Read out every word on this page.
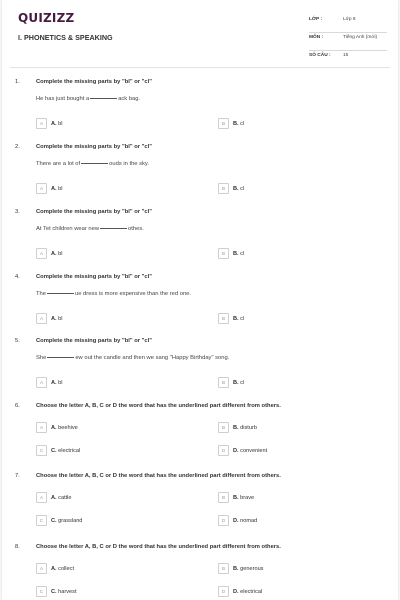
QUIZIZZ
I. PHONETICS & SPEAKING
LỚP :	Lớp 8
MÔN :	Tiếng Anh (mới)
SỐ CÂU :	15
1.	Complete the missing parts by "bl" or "cl"
He has just bought a	ack bag.
A	A. bl	B	B. cl
2.	Complete the missing parts by "bl" or "cl"
There are a lot of	ouds in the sky.
A	A. bl	B	B. cl
3.	Complete the missing parts by "bl" or "cl"
At Tet children wear new	othes.
A	A. bl	B	B. cl
4.	Complete the missing parts by "bl" or "cl"
The	ue dress is more expensive than the red one.
A	A. bl	B	B. cl
5.	Complete the missing parts by "bl" or "cl"
She	ew out the candle and then we sang "Happy Birthday" song.
A	A. bl	B	B. cl
6.	Choose the letter A, B, C or D the word that has the underlined part different from others.
A	A. beehive	B	B. disturb
C	C. electrical	D	D. convenient
7.	Choose the letter A, B, C or D the word that has the underlined part different from others.
A	A. cattle	B	B. brave
C	C. grassland	D	D. nomad
8.	Choose the letter A, B, C or D the word that has the underlined part different from others.
A	A. collect	B	B. generous
C	C. harvest	D	D. electrical
